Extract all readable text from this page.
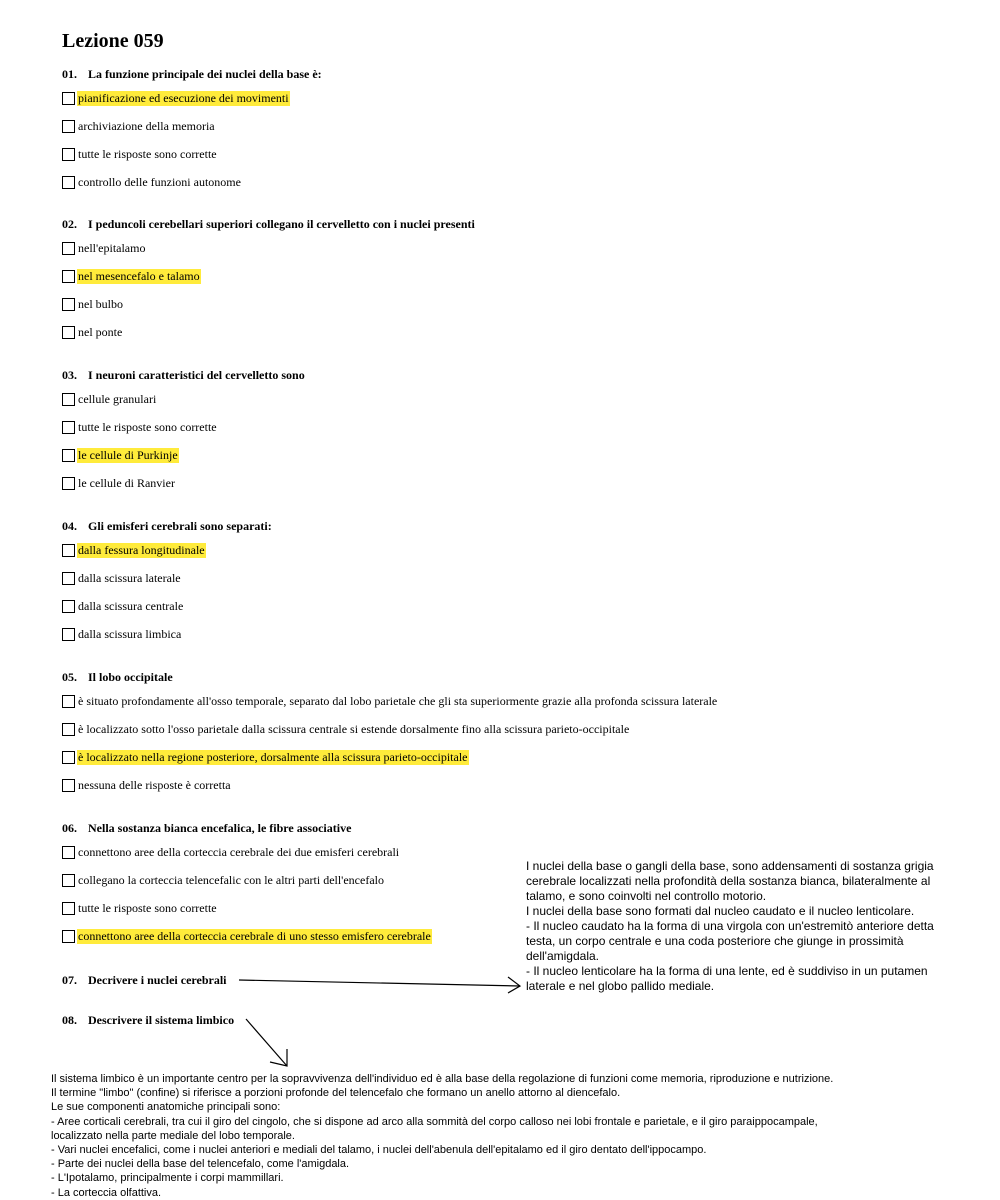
Lezione 059
01. La funzione principale dei nuclei della base è:
pianificazione ed esecuzione dei movimenti
archiviazione della memoria
tutte le risposte sono corrette
controllo delle funzioni autonome
02. I peduncoli cerebellari superiori collegano il cervelletto con i nuclei presenti
nell'epitalamo
nel mesencefalo e talamo
nel bulbo
nel ponte
03. I neuroni caratteristici del cervelletto sono
cellule granulari
tutte le risposte sono corrette
le cellule di Purkinje
le cellule di Ranvier
04. Gli emisferi cerebrali sono separati:
dalla fessura longitudinale
dalla scissura laterale
dalla scissura centrale
dalla scissura limbica
05. Il lobo occipitale
è situato profondamente all'osso temporale, separato dal lobo parietale che gli sta superiormente grazie alla profonda scissura laterale
è localizzato sotto l'osso parietale dalla scissura centrale si estende dorsalmente fino alla scissura parieto-occipitale
è localizzato nella regione posteriore, dorsalmente alla scissura parieto-occipitale
nessuna delle risposte è corretta
06. Nella sostanza bianca encefalica, le fibre associative
connettono aree della corteccia cerebrale dei due emisferi cerebrali
collegano la corteccia telencefalic con le altri parti dell'encefalo
tutte le risposte sono corrette
connettono aree della corteccia cerebrale di uno stesso emisfero cerebrale
07. Decrivere i nuclei cerebrali
08. Descrivere il sistema limbico
I nuclei della base o gangli della base, sono addensamenti di sostanza grigia cerebrale localizzati nella profondità della sostanza bianca, bilateralmente al talamo, e sono coinvolti nel controllo motorio.
I nuclei della base sono formati dal nucleo caudato e il nucleo lenticolare.
- Il nucleo caudato ha la forma di una virgola con un'estremitò anteriore detta testa, un corpo centrale e una coda posteriore che giunge in prossimità dell'amigdala.
- Il nucleo lenticolare ha la forma di una lente, ed è suddiviso in un putamen laterale e nel globo pallido mediale.
Il sistema limbico è un importante centro per la sopravvivenza dell'individuo ed è alla base della regolazione di funzioni come memoria, riproduzione e nutrizione.
Il termine "limbo" (confine) si riferisce a porzioni profonde del telencefalo che formano un anello attorno al diencefalo.
Le sue componenti anatomiche principali sono:
- Aree corticali cerebrali, tra cui il giro del cingolo, che si dispone ad arco alla sommità del corpo calloso nei lobi frontale e parietale, e il giro paraippocampale,
localizzato nella parte mediale del lobo temporale.
- Vari nuclei encefalici, come i nuclei anteriori e mediali del talamo, i nuclei dell'abenula dell'epitalamo ed il giro dentato dell'ippocampo.
- Parte dei nuclei della base del telencefalo, come l'amigdala.
- L'Ipotalamo, principalmente i corpi mammillari.
- La corteccia olfattiva.
